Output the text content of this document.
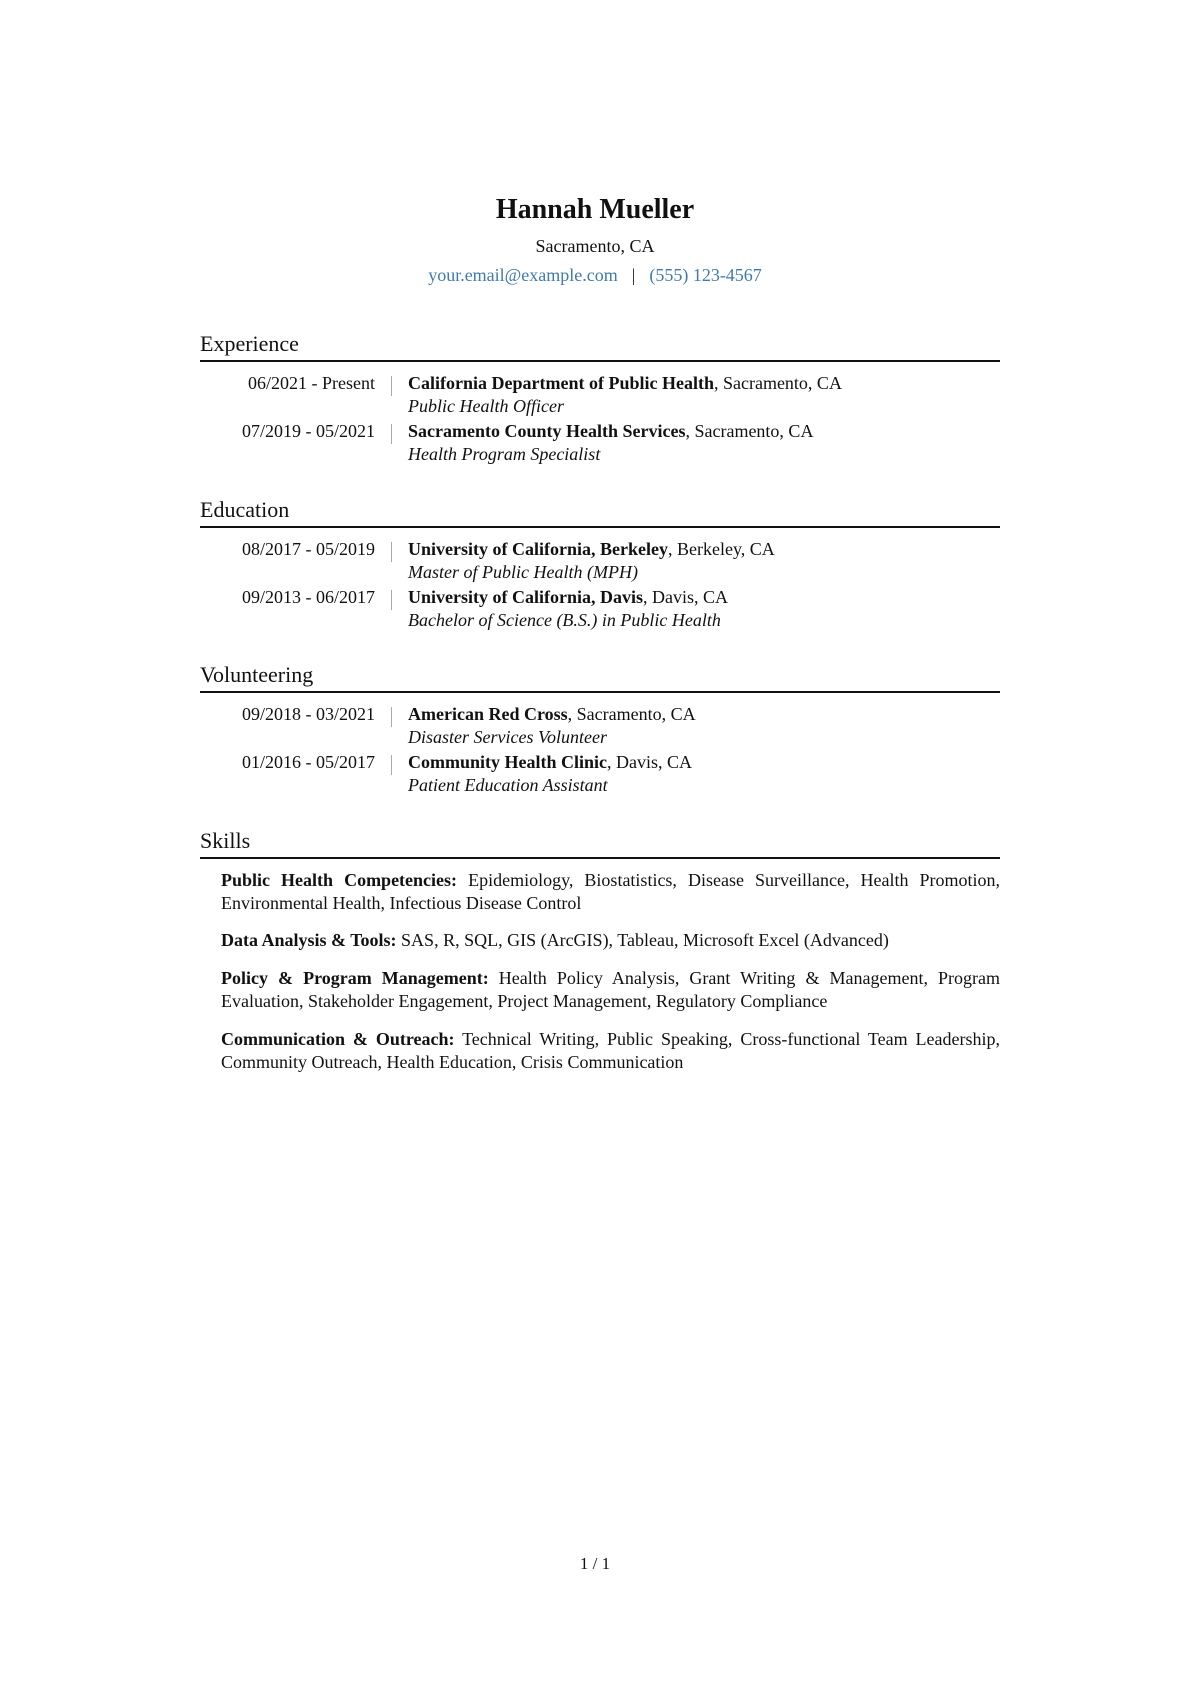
Hannah Mueller
Sacramento, CA
your.email@example.com | (555) 123-4567
Experience
06/2021 - Present California Department of Public Health, Sacramento, CA
Public Health Officer
07/2019 - 05/2021 Sacramento County Health Services, Sacramento, CA
Health Program Specialist
Education
08/2017 - 05/2019 University of California, Berkeley, Berkeley, CA
Master of Public Health (MPH)
09/2013 - 06/2017 University of California, Davis, Davis, CA
Bachelor of Science (B.S.) in Public Health
Volunteering
09/2018 - 03/2021 American Red Cross, Sacramento, CA
Disaster Services Volunteer
01/2016 - 05/2017 Community Health Clinic, Davis, CA
Patient Education Assistant
Skills
Public Health Competencies: Epidemiology, Biostatistics, Disease Surveillance, Health Promotion, Environmental Health, Infectious Disease Control
Data Analysis & Tools: SAS, R, SQL, GIS (ArcGIS), Tableau, Microsoft Excel (Advanced)
Policy & Program Management: Health Policy Analysis, Grant Writing & Management, Program Evaluation, Stakeholder Engagement, Project Management, Regulatory Compliance
Communication & Outreach: Technical Writing, Public Speaking, Cross-functional Team Leadership, Community Outreach, Health Education, Crisis Communication
1 / 1
